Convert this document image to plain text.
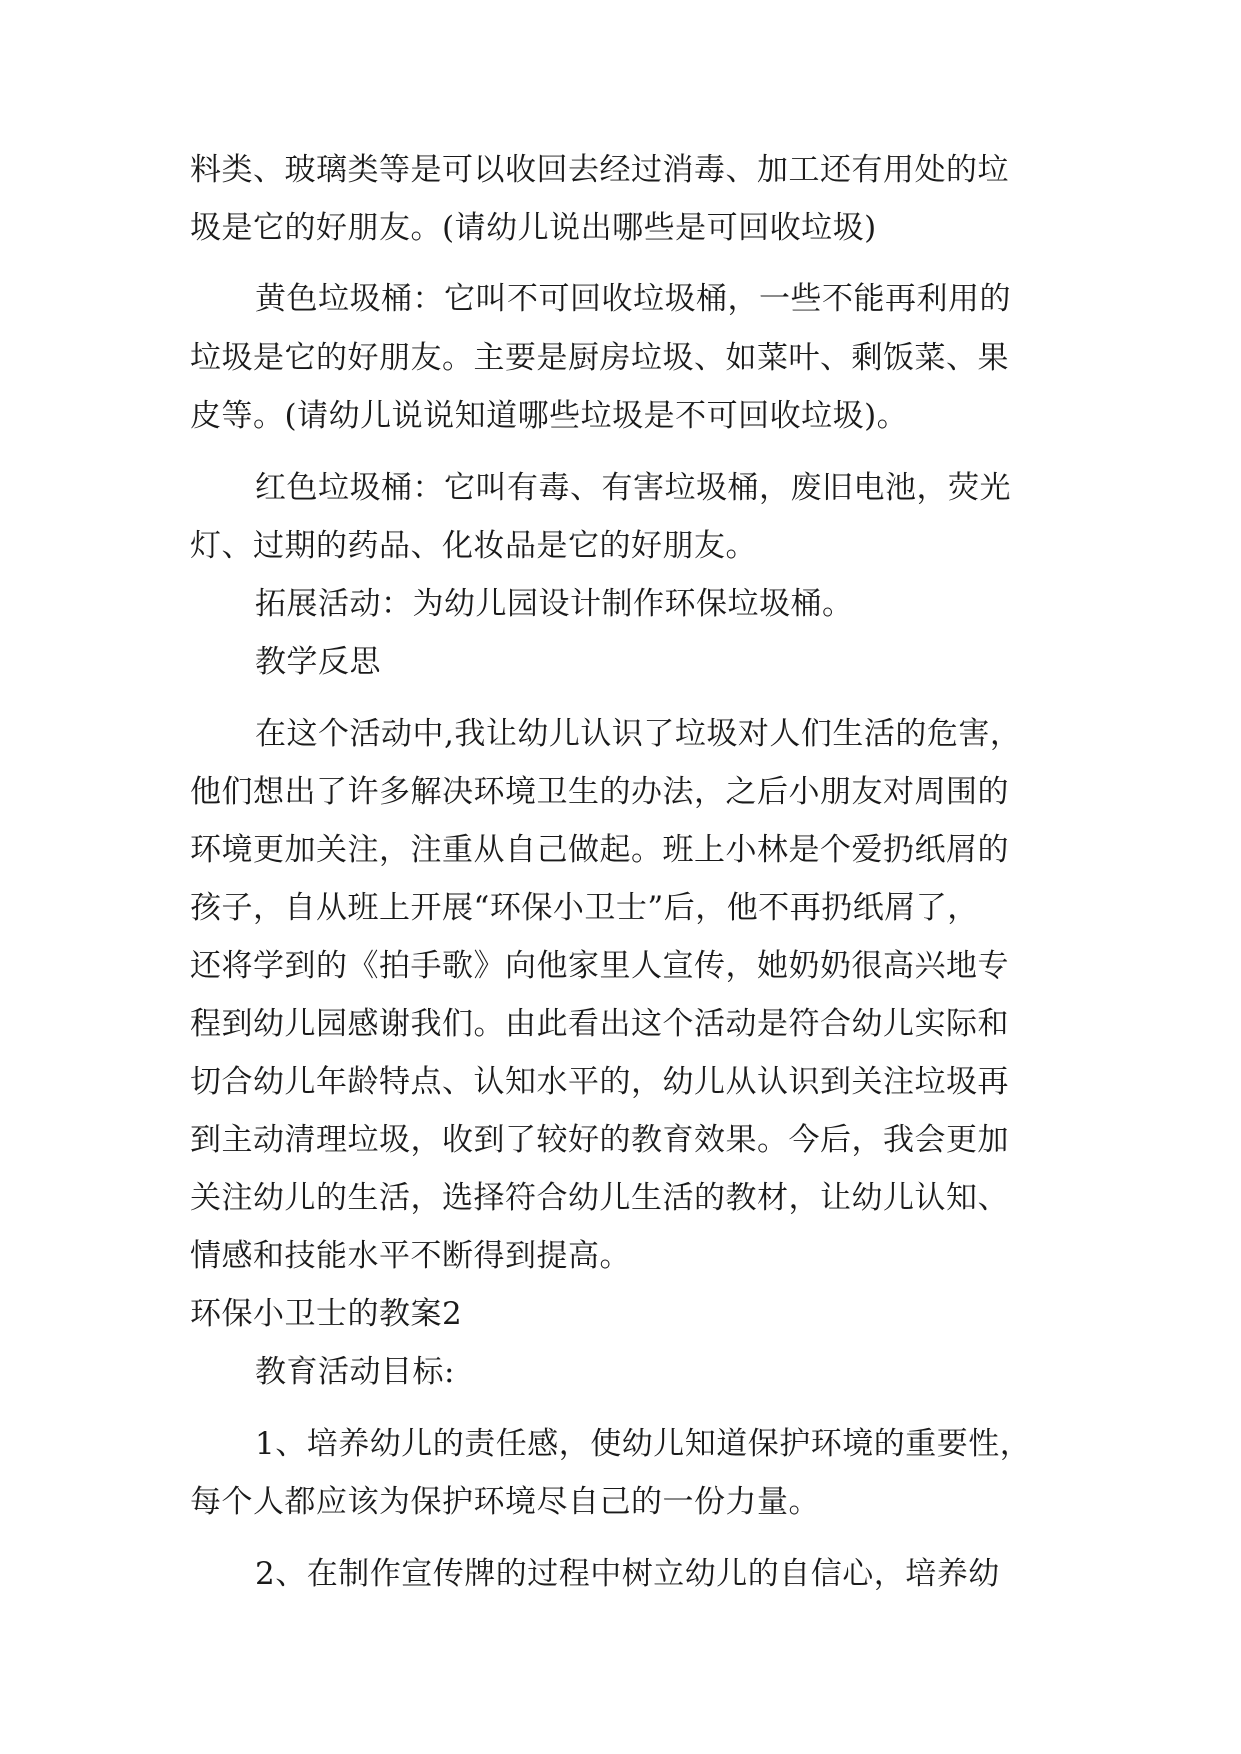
料类、玻璃类等是可以收回去经过消毒、加工还有用处的垃

圾是它的好朋友。(请幼儿说出哪些是可回收垃圾)

黄色垃圾桶：它叫不可回收垃圾桶，一些不能再利用的

垃圾是它的好朋友。主要是厨房垃圾、如菜叶、剩饭菜、果

皮等。(请幼儿说说知道哪些垃圾是不可回收垃圾)。

红色垃圾桶：它叫有毒、有害垃圾桶，废旧电池，荧光

灯、过期的药品、化妆品是它的好朋友。

拓展活动：为幼儿园设计制作环保垃圾桶。

教学反思

在这个活动中,我让幼儿认识了垃圾对人们生活的危害，

他们想出了许多解决环境卫生的办法，之后小朋友对周围的

环境更加关注，注重从自己做起。班上小林是个爱扔纸屑的

孩子，自从班上开展“环保小卫士”后，他不再扔纸屑了，

还将学到的《拍手歌》向他家里人宣传，她奶奶很高兴地专

程到幼儿园感谢我们。由此看出这个活动是符合幼儿实际和

切合幼儿年龄特点、认知水平的，幼儿从认识到关注垃圾再

到主动清理垃圾，收到了较好的教育效果。今后，我会更加

关注幼儿的生活，选择符合幼儿生活的教材，让幼儿认知、

情感和技能水平不断得到提高。

环保小卫士的教案2

教育活动目标:

1、培养幼儿的责任感，使幼儿知道保护环境的重要性，

每个人都应该为保护环境尽自己的一份力量。

2、在制作宣传牌的过程中树立幼儿的自信心，培养幼
